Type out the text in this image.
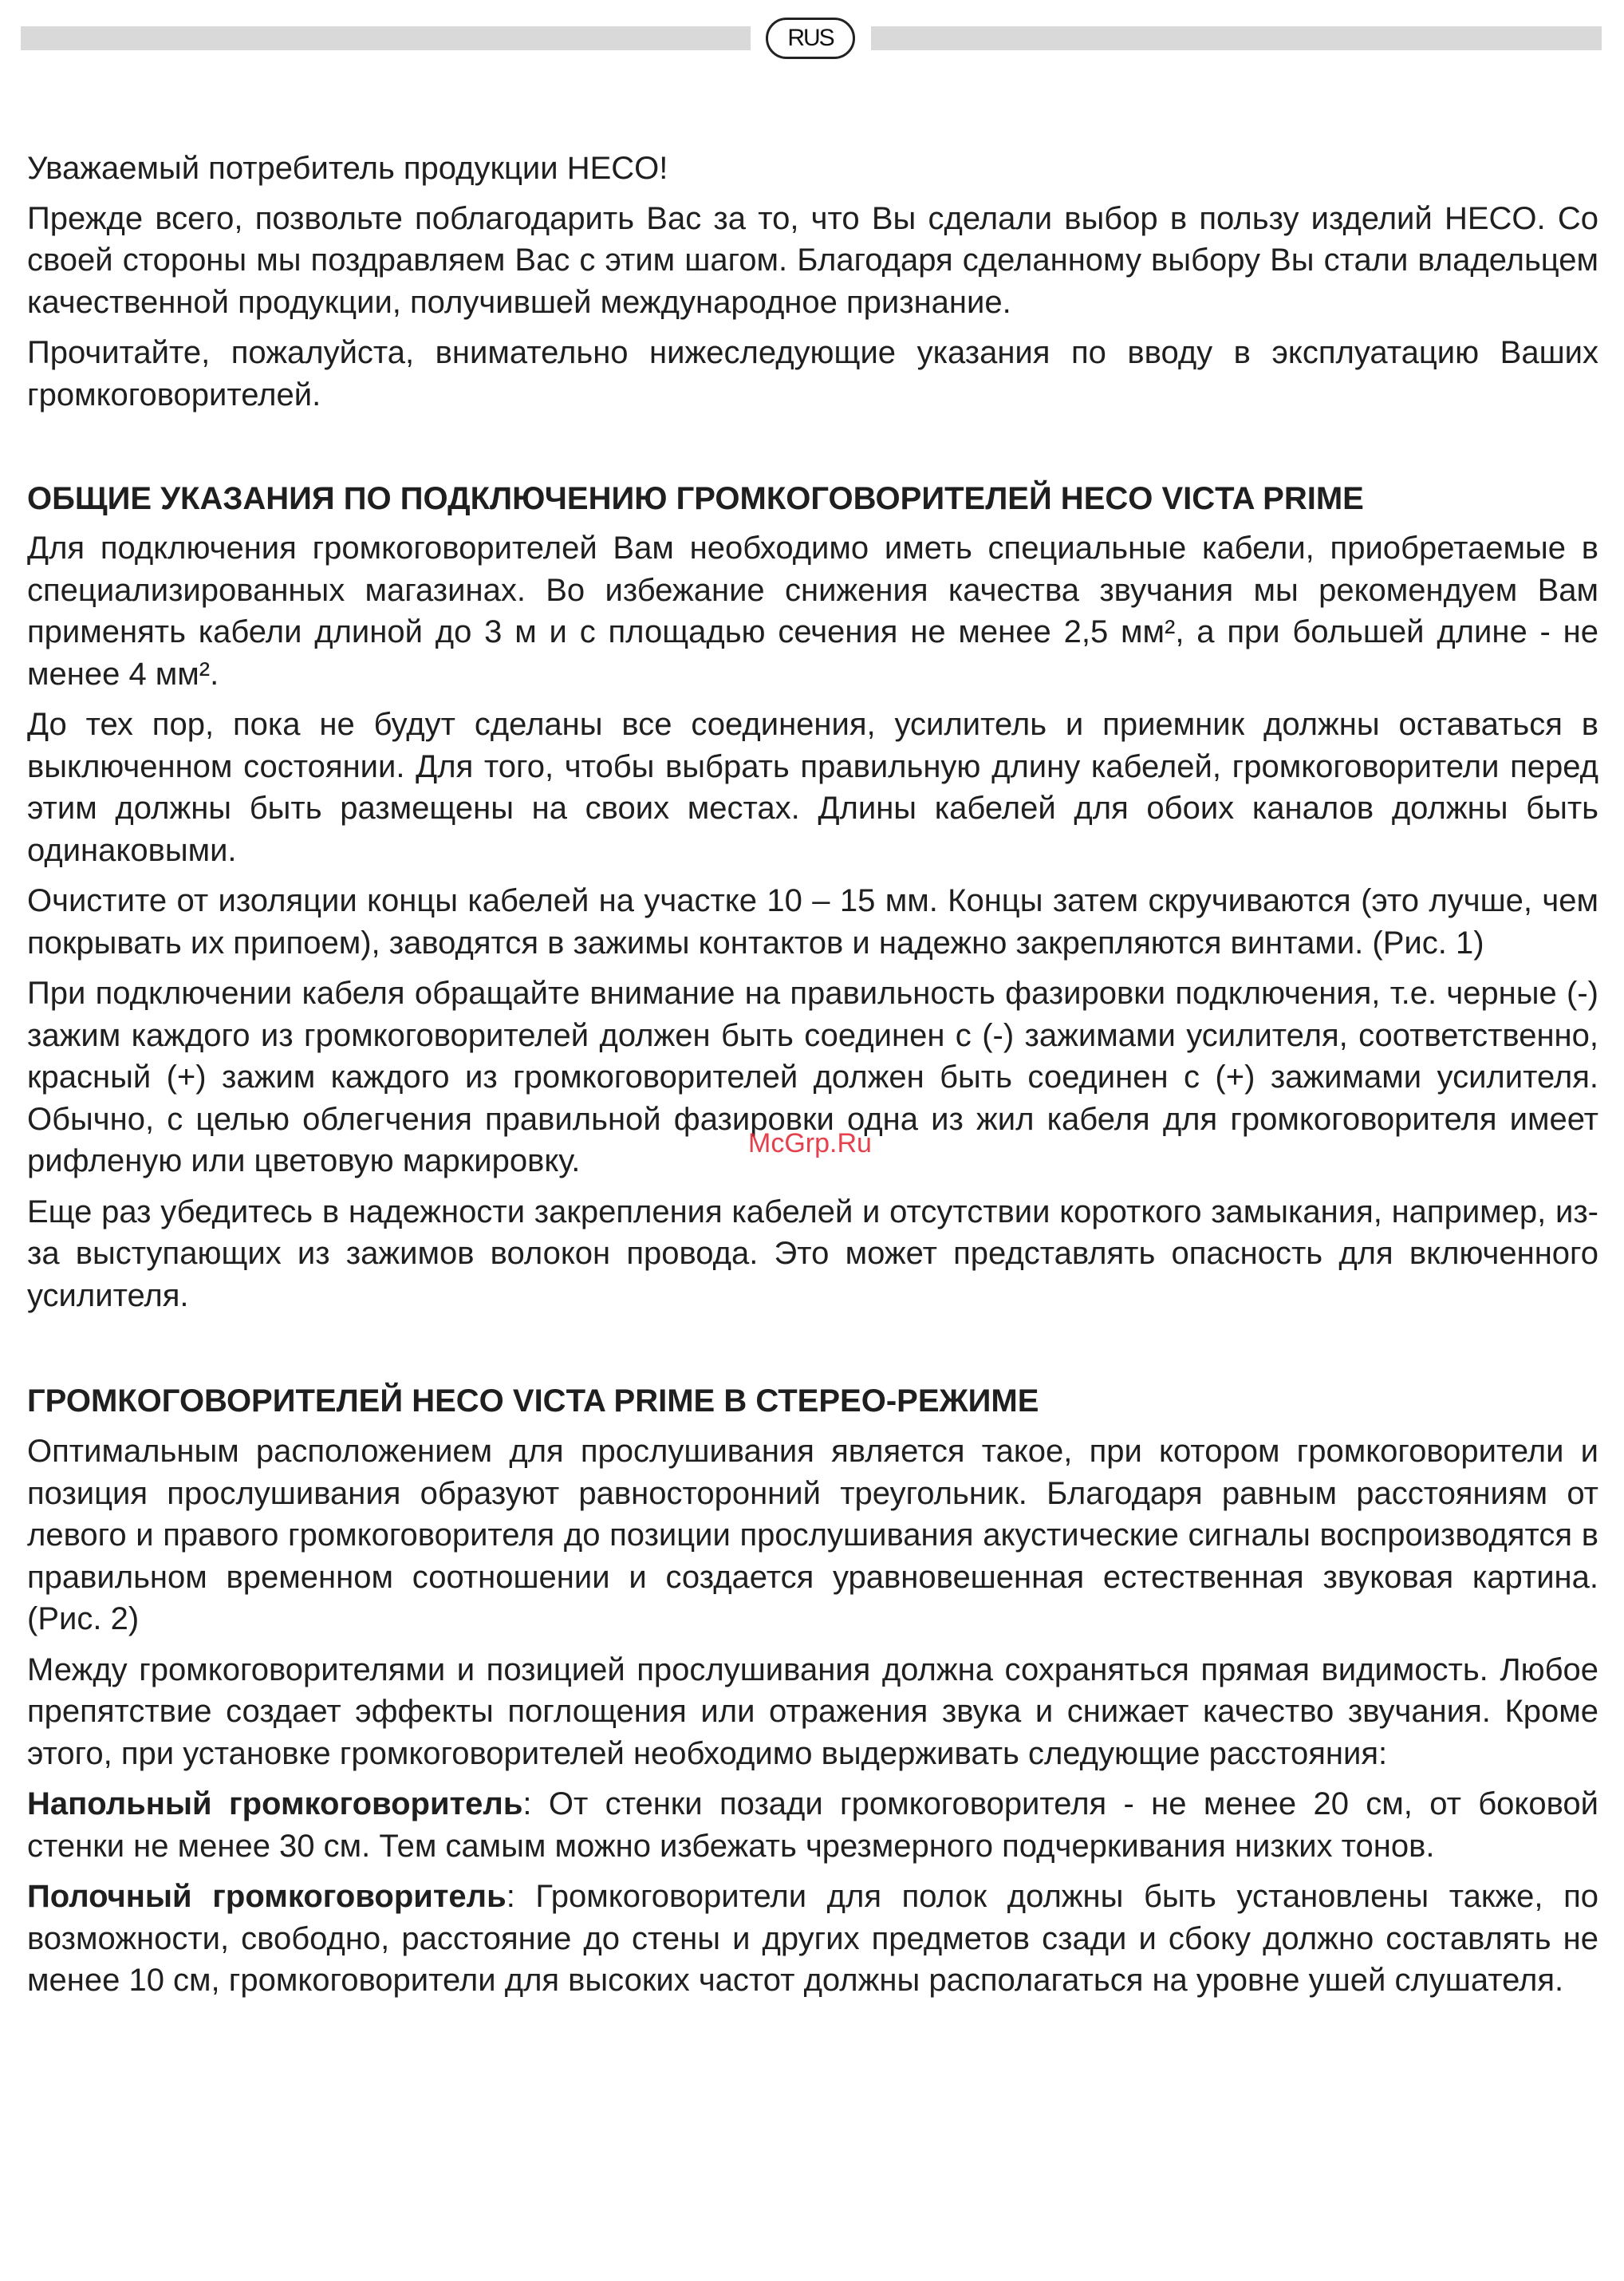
RUS

Уважаемый потребитель продукции HECO!

Прежде всего, позвольте поблагодарить Вас за то, что Вы сделали выбор в пользу изделий HECO. Со своей стороны мы поздравляем Вас с этим шагом. Благодаря сделанному выбору Вы стали владельцем качественной продукции, получившей международное признание.

Прочитайте, пожалуйста, внимательно нижеследующие указания по вводу в эксплуатацию Ваших громкоговорителей.

ОБЩИЕ УКАЗАНИЯ ПО ПОДКЛЮЧЕНИЮ ГРОМКОГОВОРИТЕЛЕЙ HECO VICTA PRIME

Для подключения громкоговорителей Вам необходимо иметь специальные кабели, приобретаемые в специализированных магазинах. Во избежание снижения качества звучания мы рекомендуем Вам применять кабели длиной до 3 м и с площадью сечения не менее 2,5 мм², а при большей длине - не менее 4 мм².

До тех пор, пока не будут сделаны все соединения, усилитель и приемник должны оставаться в выключенном состоянии. Для того, чтобы выбрать правильную длину кабелей, громкоговорители перед этим должны быть размещены на своих местах. Длины кабелей для обоих каналов должны быть одинаковыми.

Очистите от изоляции концы кабелей на участке 10 – 15 мм. Концы затем скручиваются (это лучше, чем покрывать их припоем), заводятся в зажимы контактов и надежно закрепляются винтами. (Рис. 1)

При подключении кабеля обращайте внимание на правильность фазировки подключения, т.е. черные (-) зажим каждого из громкоговорителей должен быть соединен с (-) зажимами усилителя, соответственно, красный (+) зажим каждого из громкоговорителей должен быть соединен с (+) зажимами усилителя. Обычно, с целью облегчения правильной фазировки одна из жил кабеля для громкоговорителя имеет рифленую или цветовую маркировку.

Еще раз убедитесь в надежности закрепления кабелей и отсутствии короткого замыкания, например, из-за выступающих из зажимов волокон провода. Это может представлять опасность для включенного усилителя.

ГРОМКОГОВОРИТЕЛЕЙ HECO VICTA PRIME В СТЕРЕО-РЕЖИМЕ

Оптимальным расположением для прослушивания является такое, при котором громкоговорители и позиция прослушивания образуют равносторонний треугольник. Благодаря равным расстояниям от левого и правого громкоговорителя до позиции прослушивания акустические сигналы воспроизводятся в правильном временном соотношении и создается уравновешенная естественная звуковая картина. (Рис. 2)

Между громкоговорителями и позицией прослушивания должна сохраняться прямая видимость. Любое препятствие создает эффекты поглощения или отражения звука и снижает качество звучания. Кроме этого, при установке громкоговорителей необходимо выдерживать следующие расстояния:

Напольный громкоговоритель: От стенки позади громкоговорителя - не менее 20 см, от боковой стенки не менее 30 см. Тем самым можно избежать чрезмерного подчеркивания низких тонов.

Полочный громкоговоритель: Громкоговорители для полок должны быть установлены также, по возможности, свободно, расстояние до стены и других предметов сзади и сбоку должно составлять не менее 10 см, громкоговорители для высоких частот должны располагаться на уровне ушей слушателя.

McGrp.Ru
